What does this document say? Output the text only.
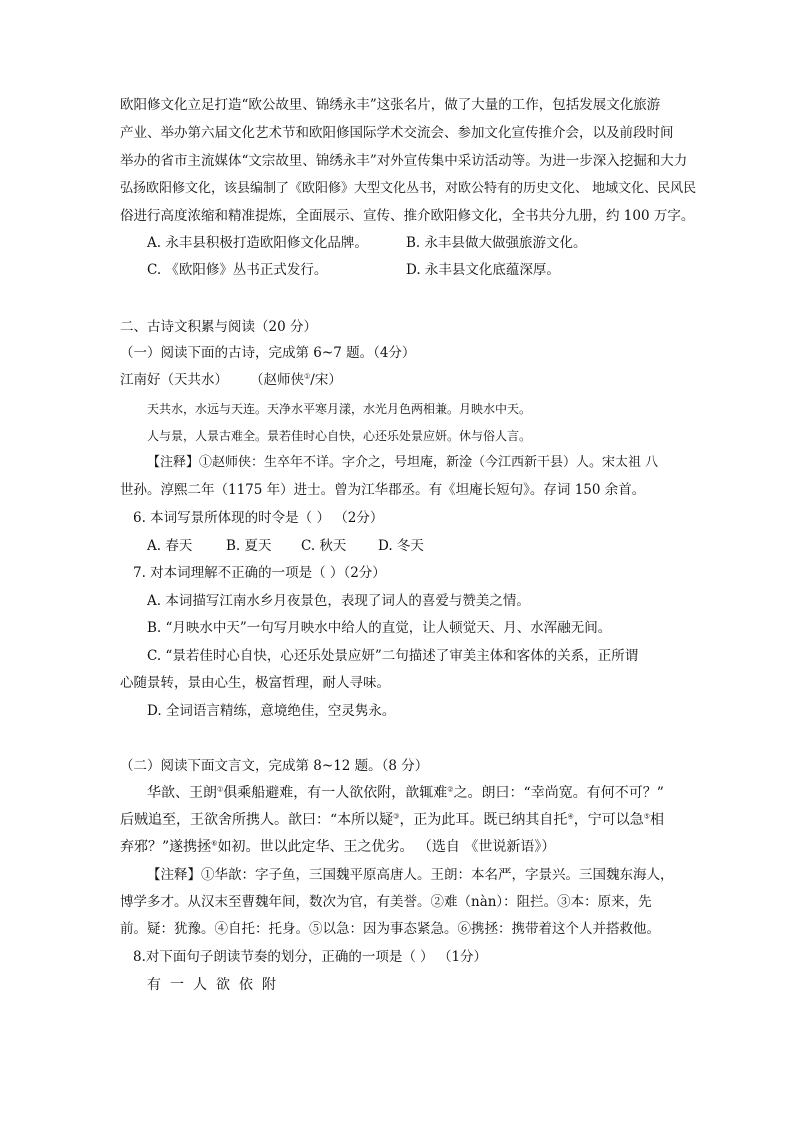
欧阳修文化立足打造“欧公故里、锦绣永丰”这张名片，做了大量的工作，包括发展文化旅游
产业、举办第六届文化艺术节和欧阳修国际学术交流会、参加文化宣传推介会，以及前段时间
举办的省市主流媒体“文宗故里、锦绣永丰”对外宣传集中采访活动等。为进一步深入挖掘和大力
弘扬欧阳修文化，该县编制了《欧阳修》大型文化丛书，对欧公特有的历史文化、 地域文化、民风民
俗进行高度浓缩和精准提炼，全面展示、宣传、推介欧阳修文化，全书共分九册，约 100 万字。
A. 永丰县积极打造欧阳修文化品牌。	B. 永丰县做大做强旅游文化。
C. 《欧阳修》丛书正式发行。	D. 永丰县文化底蕴深厚。
二、古诗文积累与阅读（20 分）
（一）阅读下面的古诗，完成第 6~7 题。（4分）
江南好（天共水） （赵师侠①/宋）
天共水，水远与天连。天净水平寒月漾，水光月色两相兼。月映水中天。
人与景，人景古难全。景若佳时心自快，心还乐处景应妍。休与俗人言。
【注释】①赵师侠：生卒年不详。字介之，号坦庵，新淦（今江西新干县）人。宋太祖 八
世孙。淳熙二年（1175 年）进士。曾为江华郡丞。有《坦庵长短句》。存词 150 余首。
6. 本词写景所体现的时令是（ ） （2分）
A. 春天 B. 夏天 C. 秋天 D. 冬天
7. 对本词理解不正确的一项是（ ）（2分）
A. 本词描写江南水乡月夜景色，表现了词人的喜爱与赞美之情。
B. “月映水中天”一句写月映水中给人的直觉，让人顿觉天、月、水浑融无间。
C. “景若佳时心自快，心还乐处景应妍”二句描述了审美主体和客体的关系，正所谓
心随景转，景由心生，极富哲理，耐人寻味。
D. 全词语言精练，意境绝佳，空灵隽永。
（二）阅读下面文言文，完成第 8~12 题。（8 分）
华歆、王朗①俱乘船避难，有一人欲依附，歆辄难②之。朗曰：“幸尚宽。有何不可？”
后贼追至，王欲舍所携人。歆曰：“本所以疑③，正为此耳。既已纳其自托④，宁可以急⑤相
弃邪？”遂携拯⑥如初。世以此定华、王之优劣。 （选自 《世说新语》）
【注释】①华歆：字子鱼，三国魏平原高唐人。王朗：本名严，字景兴。三国魏东海人，
博学多才。从汉末至曹魏年间，数次为官，有美誉。②难（nàn）：阻拦。③本：原来，先
前。疑：犹豫。④自托：托身。⑤以急：因为事态紧急。⑥携拯：携带着这个人并搭救他。
8.对下面句子朗读节奏的划分，正确的一项是（ ） （1分）
有一人欲依附
